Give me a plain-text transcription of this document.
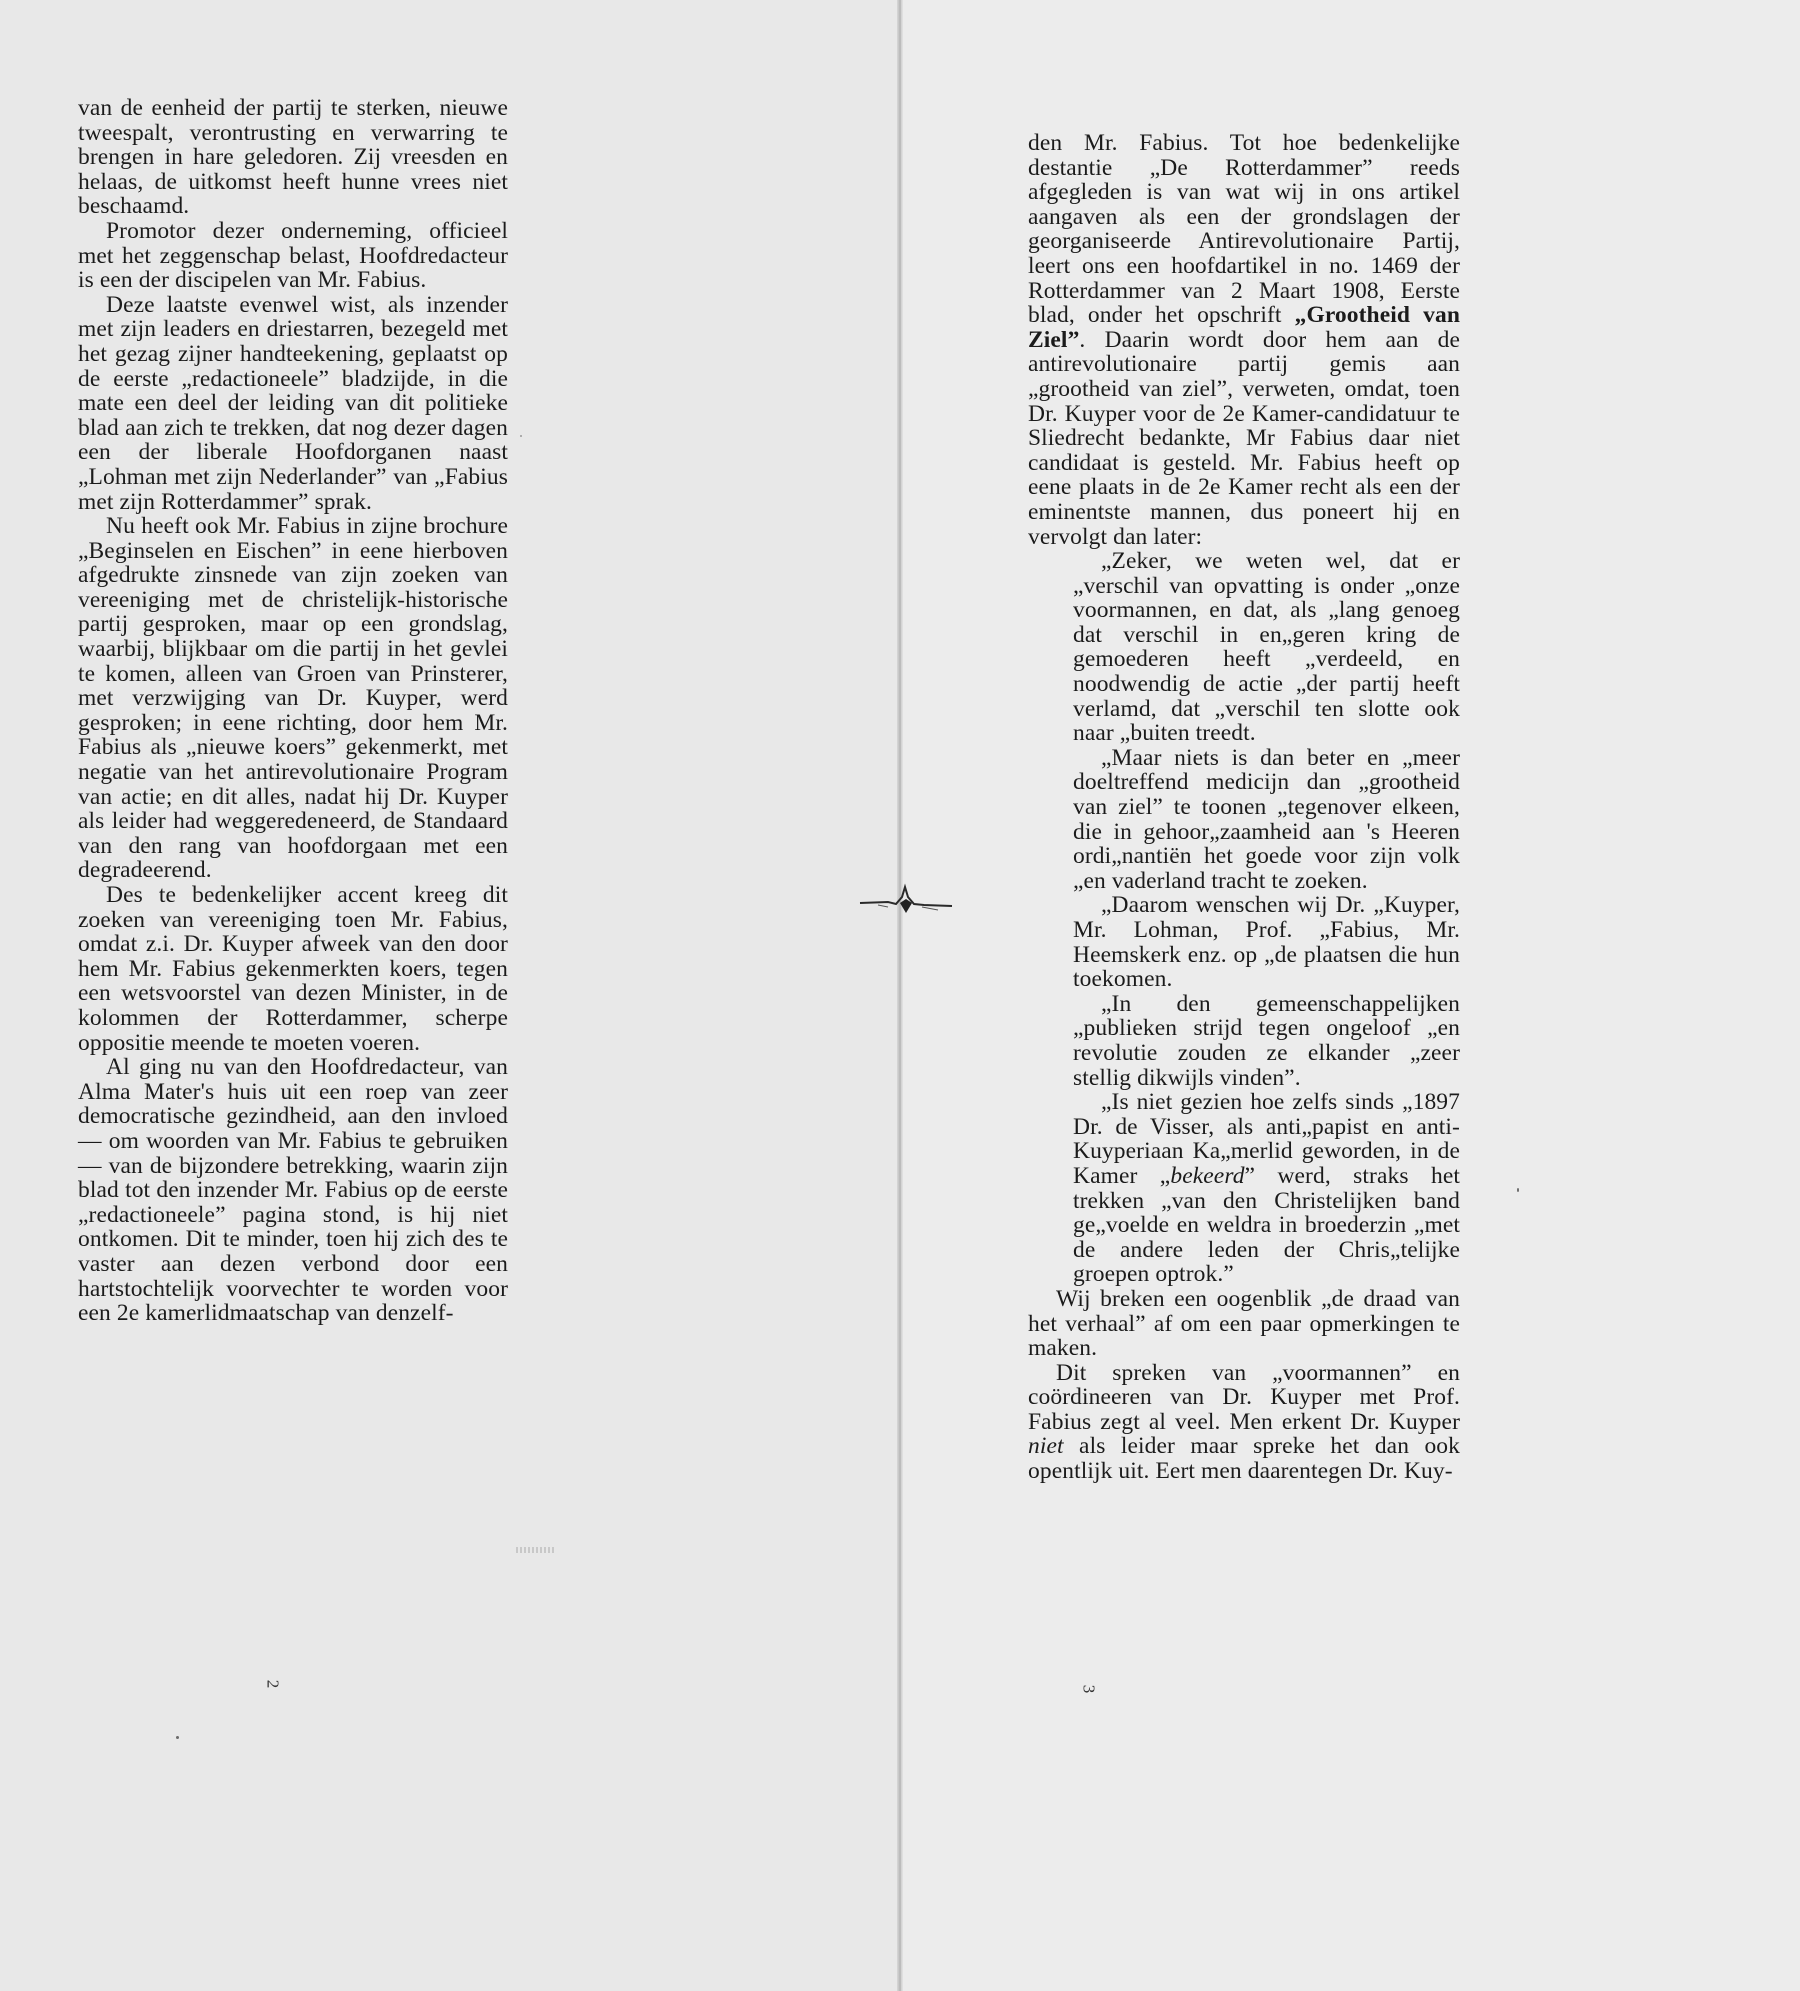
van de eenheid der partij te sterken, nieuwe tweespalt, verontrusting en verwarring te brengen in hare geledoren. Zij vreesden en helaas, de uitkomst heeft hunne vrees niet beschaamd.

Promotor dezer onderneming, officieel met het zeggenschap belast, Hoofdredacteur is een der discipelen van Mr. Fabius.

Deze laatste evenwel wist, als inzender met zijn leaders en driestarren, bezegeld met het gezag zijner handteekening, geplaatst op de eerste „redactioneele” bladzijde, in die mate een deel der leiding van dit politieke blad aan zich te trekken, dat nog dezer dagen een der liberale Hoofdorganen naast „Lohman met zijn Nederlander” van „Fabius met zijn Rotterdammer” sprak.

Nu heeft ook Mr. Fabius in zijne brochure „Beginselen en Eischen” in eene hierboven afgedrukte zinsnede van zijn zoeken van vereeniging met de christelijk-historische partij gesproken, maar op een grondslag, waarbij, blijkbaar om die partij in het gevlei te komen, alleen van Groen van Prinsterer, met verzwijging van Dr. Kuyper, werd gesproken; in eene richting, door hem Mr. Fabius als „nieuwe koers” gekenmerkt, met negatie van het antirevolutionaire Program van actie; en dit alles, nadat hij Dr. Kuyper als leider had weggeredeneerd, de Standaard van den rang van hoofdorgaan met een degradeerend.

Des te bedenkelijker accent kreeg dit zoeken van vereeniging toen Mr. Fabius, omdat z.i. Dr. Kuyper afweek van den door hem Mr. Fabius gekenmerkten koers, tegen een wetsvoorstel van dezen Minister, in de kolommen der Rotterdammer, scherpe oppositie meende te moeten voeren.

Al ging nu van den Hoofdredacteur, van Alma Mater's huis uit een roep van zeer democratische gezindheid, aan den invloed — om woorden van Mr. Fabius te gebruiken — van de bijzondere betrekking, waarin zijn blad tot den inzender Mr. Fabius op de eerste „redactioneele” pagina stond, is hij niet ontkomen. Dit te minder, toen hij zich des te vaster aan dezen verbond door een hartstochtelijk voorvechter te worden voor een 2e kamerlidmaatschap van denzelf-

den Mr. Fabius. Tot hoe bedenkelijke destantie „De Rotterdammer” reeds afgegleden is van wat wij in ons artikel aangaven als een der grondslagen der georganiseerde Antirevolutionaire Partij, leert ons een hoofdartikel in no. 1469 der Rotterdammer van 2 Maart 1908, Eerste blad, onder het opschrift „Grootheid van Ziel”. Daarin wordt door hem aan de antirevolutionaire partij gemis aan „grootheid van ziel”, verweten, omdat, toen Dr. Kuyper voor de 2e Kamer-candidatuur te Sliedrecht bedankte, Mr Fabius daar niet candidaat is gesteld. Mr. Fabius heeft op eene plaats in de 2e Kamer recht als een der eminentste mannen, dus poneert hij en vervolgt dan later:

„Zeker, we weten wel, dat er „verschil van opvatting is onder „onze voormannen, en dat, als „lang genoeg dat verschil in en„geren kring de gemoederen heeft „verdeeld, en noodwendig de actie „der partij heeft verlamd, dat „verschil ten slotte ook naar „buiten treedt.

„Maar niets is dan beter en „meer doeltreffend medicijn dan „grootheid van ziel” te toonen „tegenover elkeen, die in gehoor„zaamheid aan 's Heeren ordi„nantiën het goede voor zijn volk „en vaderland tracht te zoeken.

„Daarom wenschen wij Dr. „Kuyper, Mr. Lohman, Prof. „Fabius, Mr. Heemskerk enz. op „de plaatsen die hun toekomen.

„In den gemeenschappelijken „publieken strijd tegen ongeloof „en revolutie zouden ze elkander „zeer stellig dikwijls vinden”.

„Is niet gezien hoe zelfs sinds „1897 Dr. de Visser, als anti„papist en anti-Kuyperiaan Ka„merlid geworden, in de Kamer „bekeerd” werd, straks het trekken „van den Christelijken band ge„voelde en weldra in broederzin „met de andere leden der Chris„telijke groepen optrok.”

Wij breken een oogenblik „de draad van het verhaal” af om een paar opmerkingen te maken.

Dit spreken van „voormannen” en coördineeren van Dr. Kuyper met Prof. Fabius zegt al veel. Men erkent Dr. Kuyper niet als leider maar spreke het dan ook opentlijk uit. Eert men daarentegen Dr. Kuy-

2
3
